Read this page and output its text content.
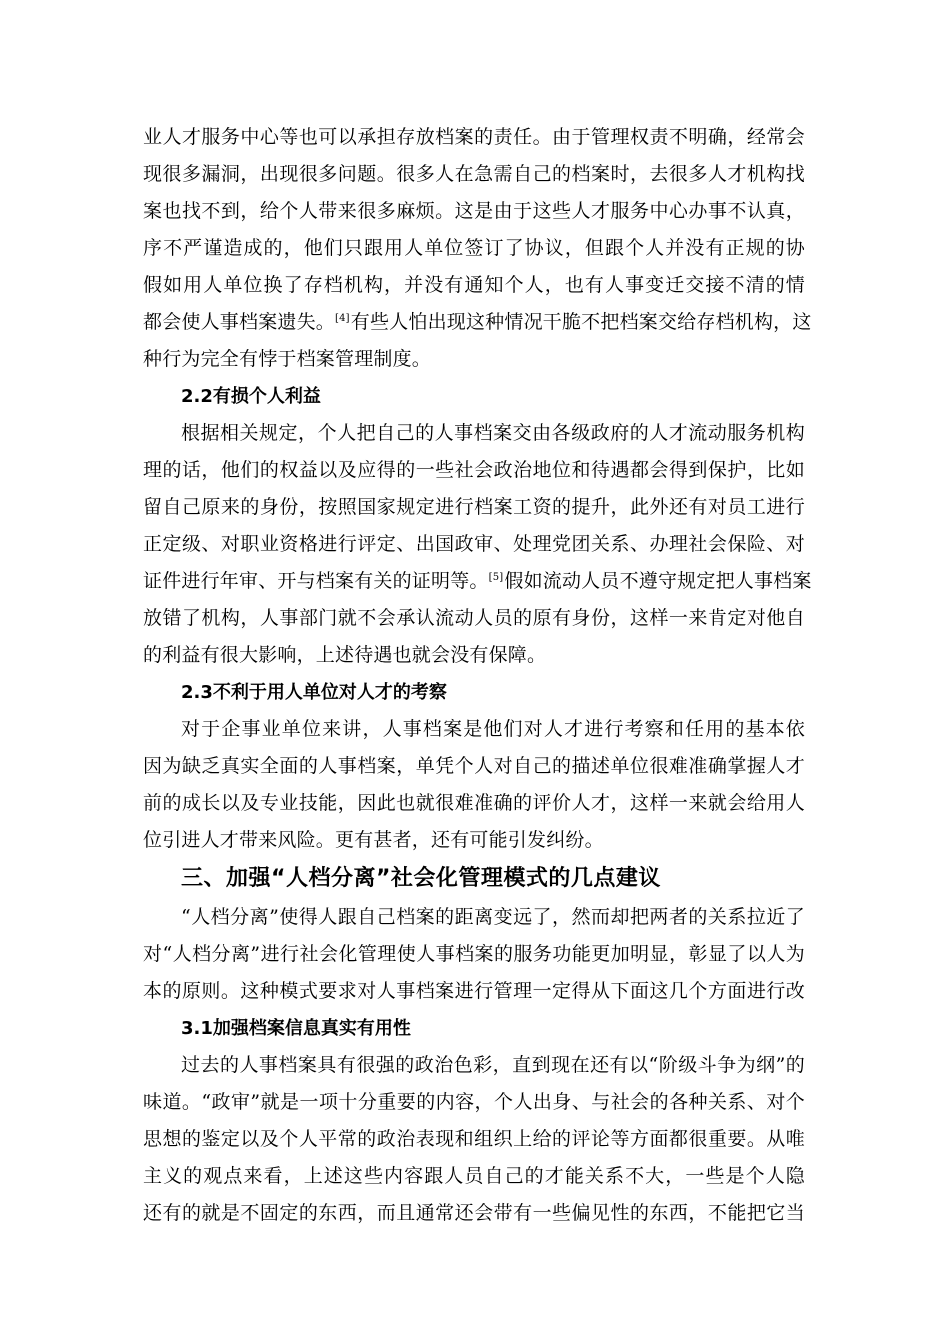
业人才服务中心等也可以承担存放档案的责任。由于管理权责不明确，经常会
现很多漏洞，出现很多问题。很多人在急需自己的档案时，去很多人才机构找
案也找不到，给个人带来很多麻烦。这是由于这些人才服务中心办事不认真，
序不严谨造成的，他们只跟用人单位签订了协议，但跟个人并没有正规的协
假如用人单位换了存档机构，并没有通知个人，也有人事变迁交接不清的情
都会使人事档案遗失。[4]有些人怕出现这种情况干脆不把档案交给存档机构，这
种行为完全有悖于档案管理制度。
2.2有损个人利益
根据相关规定，个人把自己的人事档案交由各级政府的人才流动服务机构
理的话，他们的权益以及应得的一些社会政治地位和待遇都会得到保护，比如
留自己原来的身份，按照国家规定进行档案工资的提升，此外还有对员工进行
正定级、对职业资格进行评定、出国政审、处理党团关系、办理社会保险、对
证件进行年审、开与档案有关的证明等。[5]假如流动人员不遵守规定把人事档案
放错了机构，人事部门就不会承认流动人员的原有身份，这样一来肯定对他自
的利益有很大影响，上述待遇也就会没有保障。
2.3不利于用人单位对人才的考察
对于企事业单位来讲，人事档案是他们对人才进行考察和任用的基本依
因为缺乏真实全面的人事档案，单凭个人对自己的描述单位很难准确掌握人才
前的成长以及专业技能，因此也就很难准确的评价人才，这样一来就会给用人
位引进人才带来风险。更有甚者，还有可能引发纠纷。
三、加强“人档分离”社会化管理模式的几点建议
“人档分离”使得人跟自己档案的距离变远了，然而却把两者的关系拉近了
对“人档分离”进行社会化管理使人事档案的服务功能更加明显，彰显了以人为
本的原则。这种模式要求对人事档案进行管理一定得从下面这几个方面进行改
3.1加强档案信息真实有用性
过去的人事档案具有很强的政治色彩，直到现在还有以“阶级斗争为纲”的
味道。“政审”就是一项十分重要的内容，个人出身、与社会的各种关系、对个
思想的鉴定以及个人平常的政治表现和组织上给的评论等方面都很重要。从唯
主义的观点来看，上述这些内容跟人员自己的才能关系不大，一些是个人隐
还有的就是不固定的东西，而且通常还会带有一些偏见性的东西，不能把它当
